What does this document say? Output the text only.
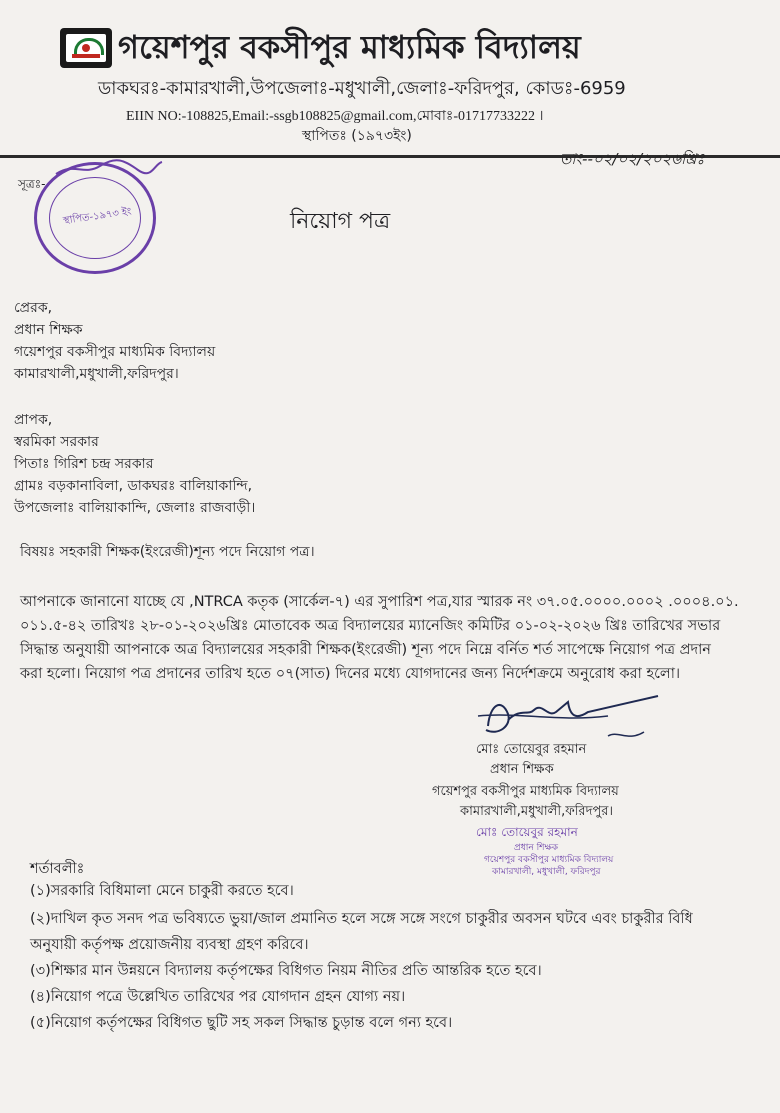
গয়েশপুর বকসীপুর মাধ্যমিক বিদ্যালয়
ডাকঘরঃ-কামারখালী,উপজেলাঃ-মধুখালী,জেলাঃ-ফরিদপুর, কোডঃ-6959
EIIN NO:-108825,Email:-ssgb108825@gmail.com,মোবাঃ-01717733222 ।
স্থাপিতঃ (১৯৭৩ইং)
তাং--০২/০২/২০২৬খ্রিঃ
সূত্রঃ-
স্থাপিত-১৯৭৩ ইং	নিয়োগ পত্র
প্রেরক,
প্রধান শিক্ষক
গয়েশপুর বকসীপুর মাধ্যমিক বিদ্যালয়
কামারখালী,মধুখালী,ফরিদপুর।
প্রাপক,
স্বরমিকা সরকার
পিতাঃ গিরিশ চন্দ্র সরকার
গ্রামঃ বড়কানাবিলা, ডাকঘরঃ বালিয়াকান্দি,
উপজেলাঃ বালিয়াকান্দি, জেলাঃ রাজবাড়ী।
বিষয়ঃ সহকারী শিক্ষক(ইংরেজী)শূন্য পদে নিয়োগ পত্র।
আপনাকে জানানো যাচ্ছে যে ,NTRCA কতৃক (সার্কেল-৭) এর সুপারিশ পত্র,যার স্মারক নং ৩৭.০৫.০০০০.০০০২ .০০০৪.০১.
০১১.৫-৪২ তারিখঃ ২৮-০১-২০২৬খ্রিঃ মোতাবেক অত্র বিদ্যালয়ের ম্যানেজিং কমিটির ০১-০২-২০২৬ খ্রিঃ তারিখের সভার
সিদ্ধান্ত অনুযায়ী আপনাকে অত্র বিদ্যালয়ের সহকারী শিক্ষক(ইংরেজী) শূন্য পদে নিম্নে বর্নিত শর্ত সাপেক্ষে নিয়োগ পত্র প্রদান
করা হলো। নিয়োগ পত্র প্রদানের তারিখ হতে ০৭(সাত) দিনের মধ্যে যোগদানের জন্য নির্দেশক্রমে অনুরোধ করা হলো।
মোঃ তোয়েবুর রহমান
প্রধান শিক্ষক
গয়েশপুর বকসীপুর মাধ্যমিক বিদ্যালয়
কামারখালী,মধুখালী,ফরিদপুর।
মোঃ তোয়েবুর রহমান
প্রধান শিক্ষক
গয়েশপুর বকসীপুর মাধ্যমিক বিদ্যালয়
কামারখালী, মধুখালী, ফরিদপুর
শর্তাবলীঃ
(১)সরকারি বিধিমালা মেনে চাকুরী করতে হবে।
(২)দাখিল কৃত সনদ পত্র ভবিষ্যতে ভুয়া/জাল প্রমানিত হলে সঙ্গে সঙ্গে সংগে চাকুরীর অবসন ঘটবে এবং চাকুরীর বিধি
অনুযায়ী কর্তৃপক্ষ প্রয়োজনীয় ব্যবস্থা গ্রহণ করিবে।
(৩)শিক্ষার মান উন্নয়নে বিদ্যালয় কর্তৃপক্ষের বিধিগত নিয়ম নীতির প্রতি আন্তরিক হতে হবে।
(৪)নিয়োগ পত্রে উল্লেখিত তারিখের পর যোগদান গ্রহন যোগ্য নয়।
(৫)নিয়োগ কর্তৃপক্ষের বিধিগত ছুটি সহ সকল সিদ্ধান্ত চুড়ান্ত বলে গন্য হবে।
